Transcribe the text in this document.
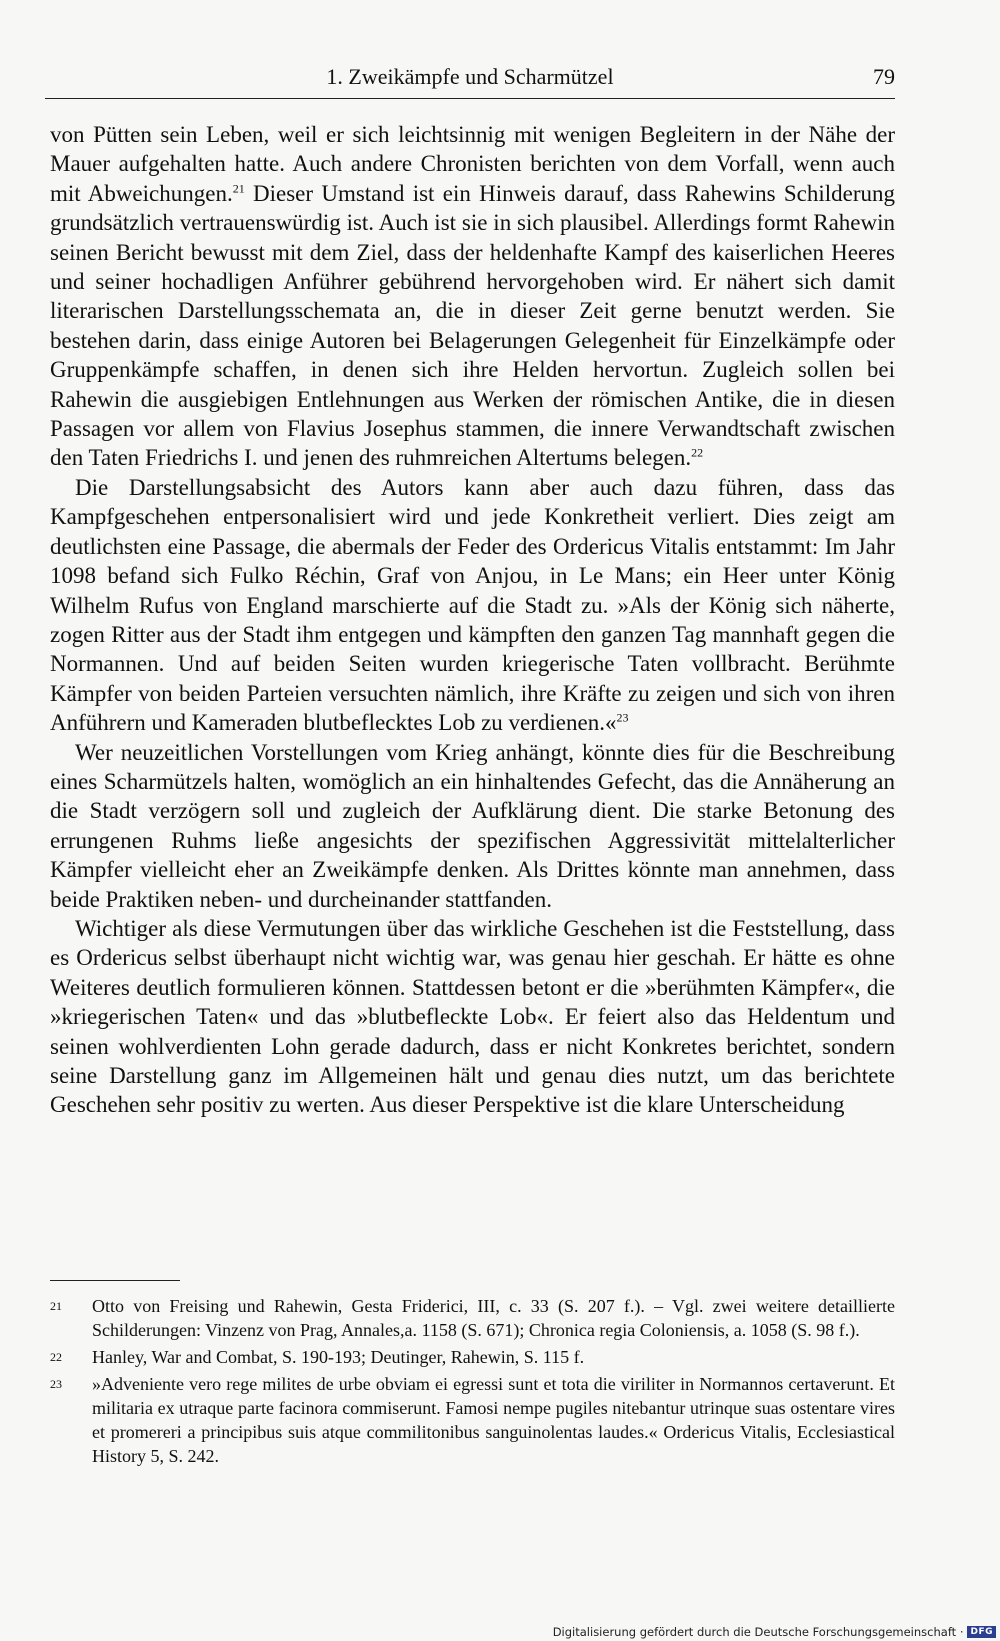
1. Zweikämpfe und Scharmützel	79

von Pütten sein Leben, weil er sich leichtsinnig mit wenigen Begleitern in der Nähe der Mauer aufgehalten hatte. Auch andere Chronisten berichten von dem Vorfall, wenn auch mit Abweichungen.$^{21}$ Dieser Umstand ist ein Hinweis darauf, dass Rahewins Schilderung grundsätzlich vertrauenswürdig ist. Auch ist sie in sich plausibel. Allerdings formt Rahewin seinen Bericht bewusst mit dem Ziel, dass der heldenhafte Kampf des kaiserlichen Heeres und seiner hochadligen Anführer gebührend hervorgehoben wird. Er nähert sich damit literarischen Darstellungsschemata an, die in dieser Zeit gerne benutzt werden. Sie bestehen darin, dass einige Autoren bei Belagerungen Gelegenheit für Einzelkämpfe oder Gruppenkämpfe schaffen, in denen sich ihre Helden hervortun. Zugleich sollen bei Rahewin die ausgiebigen Entlehnungen aus Werken der römischen Antike, die in diesen Passagen vor allem von Flavius Josephus stammen, die innere Verwandtschaft zwischen den Taten Friedrichs I. und jenen des ruhmreichen Altertums belegen.$^{22}$

Die Darstellungsabsicht des Autors kann aber auch dazu führen, dass das Kampfgeschehen entpersonalisiert wird und jede Konkretheit verliert. Dies zeigt am deutlichsten eine Passage, die abermals der Feder des Ordericus Vitalis entstammt: Im Jahr 1098 befand sich Fulko Réchin, Graf von Anjou, in Le Mans; ein Heer unter König Wilhelm Rufus von England marschierte auf die Stadt zu. »Als der König sich näherte, zogen Ritter aus der Stadt ihm entgegen und kämpften den ganzen Tag mannhaft gegen die Normannen. Und auf beiden Seiten wurden kriegerische Taten vollbracht. Berühmte Kämpfer von beiden Parteien versuchten nämlich, ihre Kräfte zu zeigen und sich von ihren Anführern und Kameraden blutbeflecktes Lob zu verdienen.«$^{23}$

Wer neuzeitlichen Vorstellungen vom Krieg anhängt, könnte dies für die Beschreibung eines Scharmützels halten, womöglich an ein hinhaltendes Gefecht, das die Annäherung an die Stadt verzögern soll und zugleich der Aufklärung dient. Die starke Betonung des errungenen Ruhms ließe angesichts der spezifischen Aggressivität mittelalterlicher Kämpfer vielleicht eher an Zweikämpfe denken. Als Drittes könnte man annehmen, dass beide Praktiken neben- und durcheinander stattfanden.

Wichtiger als diese Vermutungen über das wirkliche Geschehen ist die Feststellung, dass es Ordericus selbst überhaupt nicht wichtig war, was genau hier geschah. Er hätte es ohne Weiteres deutlich formulieren können. Stattdessen betont er die »berühmten Kämpfer«, die »kriegerischen Taten« und das »blutbefleckte Lob«. Er feiert also das Heldentum und seinen wohlverdienten Lohn gerade dadurch, dass er nicht Konkretes berichtet, sondern seine Darstellung ganz im Allgemeinen hält und genau dies nutzt, um das berichtete Geschehen sehr positiv zu werten. Aus dieser Perspektive ist die klare Unterscheidung

21	Otto von Freising und Rahewin, Gesta Friderici, III, c. 33 (S. 207 f.). – Vgl. zwei weitere detaillierte Schilderungen: Vinzenz von Prag, Annales,a. 1158 (S. 671); Chronica regia Coloniensis, a. 1058 (S. 98 f.).
22	Hanley, War and Combat, S. 190-193; Deutinger, Rahewin, S. 115 f.
23	»Adveniente vero rege milites de urbe obviam ei egressi sunt et tota die viriliter in Normannos certaverunt. Et militaria ex utraque parte facinora commiserunt. Famosi nempe pugiles nitebantur utrinque suas ostentare vires et promereri a principibus suis atque commilitonibus sanguinolentas laudes.« Ordericus Vitalis, Ecclesiastical History 5, S. 242.
Digitalisierung gefördert durch die Deutsche Forschungsgemeinschaft · DFG
